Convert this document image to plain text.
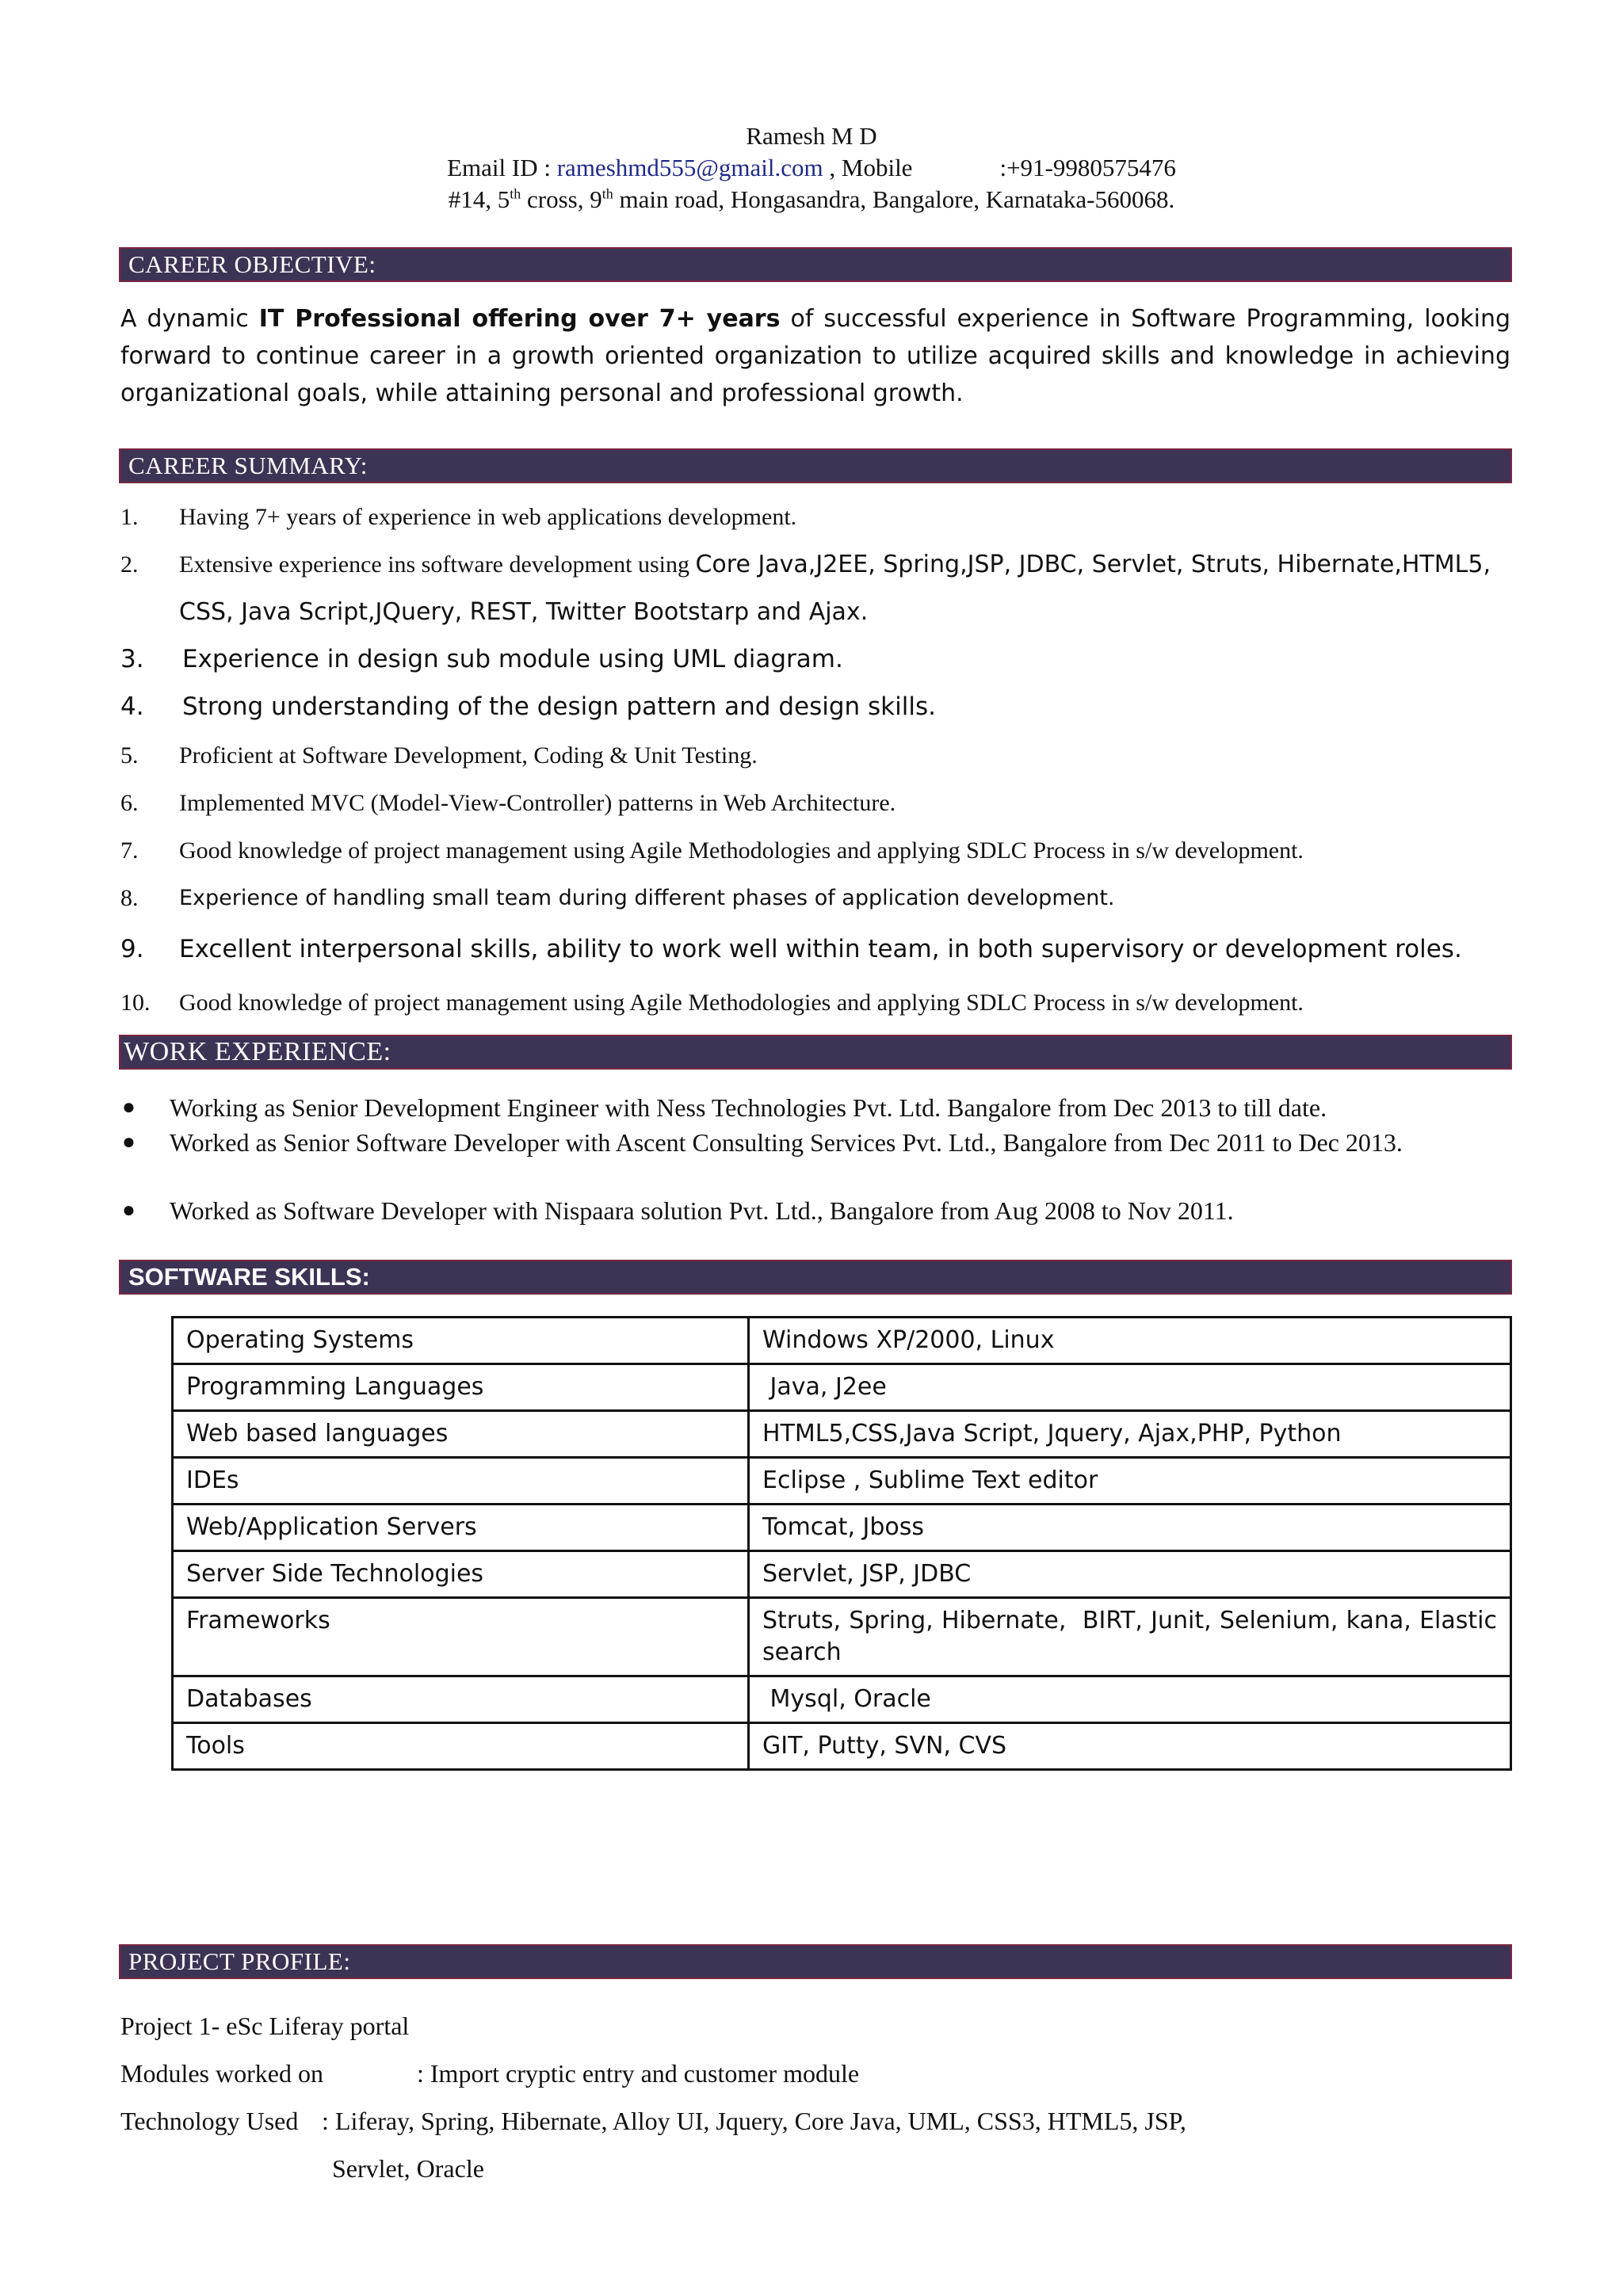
Ramesh M D
Email ID : rameshmd555@gmail.com , Mobile	:+91-9980575476
#14, 5th cross, 9th main road, Hongasandra, Bangalore, Karnataka-560068.
CAREER OBJECTIVE:
A dynamic IT Professional offering over 7+ years of successful experience in Software Programming, looking forward to continue career in a growth oriented organization to utilize acquired skills and knowledge in achieving organizational goals, while attaining personal and professional growth.
CAREER SUMMARY:
1. Having 7+ years of experience in web applications development.
2. Extensive experience ins software development using Core Java,J2EE, Spring,JSP, JDBC, Servlet, Struts, Hibernate,HTML5, CSS, Java Script,JQuery, REST, Twitter Bootstarp and Ajax.
3. Experience in design sub module using UML diagram.
4. Strong understanding of the design pattern and design skills.
5. Proficient at Software Development, Coding & Unit Testing.
6. Implemented MVC (Model-View-Controller) patterns in Web Architecture.
7. Good knowledge of project management using Agile Methodologies and applying SDLC Process in s/w development.
8. Experience of handling small team during different phases of application development.
9. Excellent interpersonal skills, ability to work well within team, in both supervisory or development roles.
10. Good knowledge of project management using Agile Methodologies and applying SDLC Process in s/w development.
WORK EXPERIENCE:
● Working as Senior Development Engineer with Ness Technologies Pvt. Ltd. Bangalore from Dec 2013 to till date.
● Worked as Senior Software Developer with Ascent Consulting Services Pvt. Ltd., Bangalore from Dec 2011 to Dec 2013.
● Worked as Software Developer with Nispaara solution Pvt. Ltd., Bangalore from Aug 2008 to Nov 2011.
SOFTWARE SKILLS:
Operating Systems	Windows XP/2000, Linux
Programming Languages	Java, J2ee
Web based languages	HTML5,CSS,Java Script, Jquery, Ajax,PHP, Python
IDEs	Eclipse , Sublime Text editor
Web/Application Servers	Tomcat, Jboss
Server Side Technologies	Servlet, JSP, JDBC
Frameworks	Struts, Spring, Hibernate,  BIRT, Junit, Selenium, kana, Elastic search
Databases	Mysql, Oracle
Tools	GIT, Putty, SVN, CVS
PROJECT PROFILE:
Project 1- eSc Liferay portal
Modules worked on	: Import cryptic entry and customer module
Technology Used : Liferay, Spring, Hibernate, Alloy UI, Jquery, Core Java, UML, CSS3, HTML5, JSP,
Servlet, Oracle
